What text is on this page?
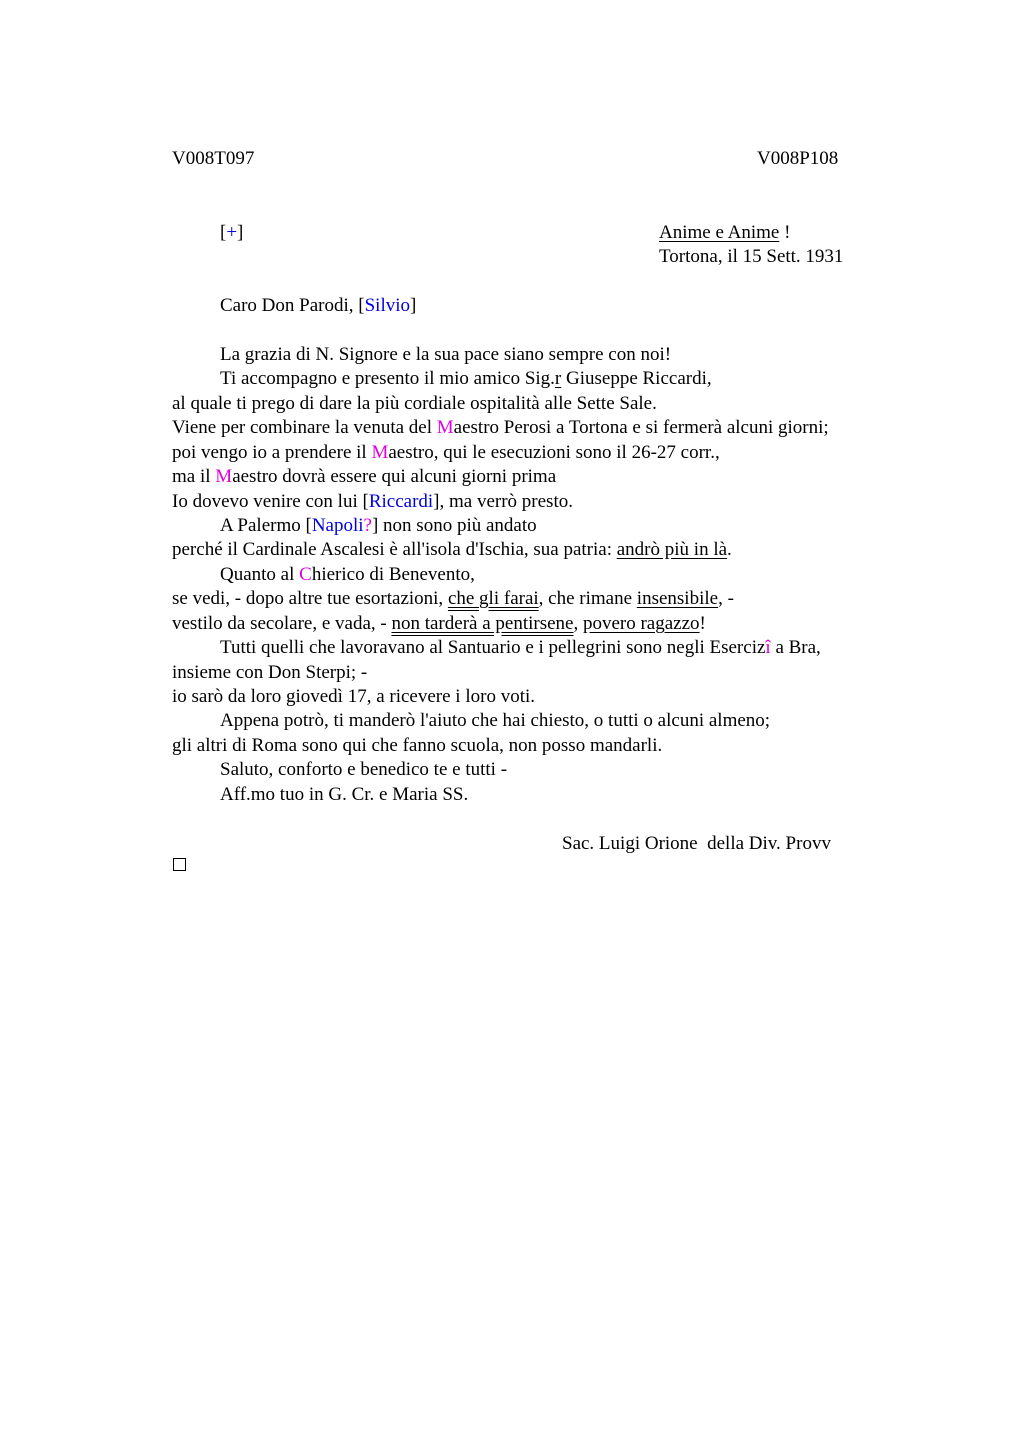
V008T097	V008P108
[+]	Anime e Anime !
Tortona, il 15 Sett. 1931
Caro Don Parodi, [Silvio]
La grazia di N. Signore e la sua pace siano sempre con noi!
Ti accompagno e presento il mio amico Sig.r Giuseppe Riccardi,
al quale ti prego di dare la più cordiale ospitalità alle Sette Sale.
Viene per combinare la venuta del Maestro Perosi a Tortona e si fermerà alcuni giorni;
poi vengo io a prendere il Maestro, qui le esecuzioni sono il 26-27 corr.,
ma il Maestro dovrà essere qui alcuni giorni prima
Io dovevo venire con lui [Riccardi], ma verrò presto.
A Palermo [Napoli?] non sono più andato
perché il Cardinale Ascalesi è all'isola d'Ischia, sua patria: andrò più in là.
Quanto al Chierico di Benevento,
se vedi, - dopo altre tue esortazioni, che gli farai, che rimane insensibile, -
vestilo da secolare, e vada, - non tarderà a pentirsene, povero ragazzo!
Tutti quelli che lavoravano al Santuario e i pellegrini sono negli Esercizî a Bra,
insieme con Don Sterpi; -
io sarò da loro giovedì 17, a ricevere i loro voti.
Appena potrò, ti manderò l'aiuto che hai chiesto, o tutti o alcuni almeno;
gli altri di Roma sono qui che fanno scuola, non posso mandarli.
Saluto, conforto e benedico te e tutti -
Aff.mo tuo in G. Cr. e Maria SS.
Sac. Luigi Orione  della Div. Provv
